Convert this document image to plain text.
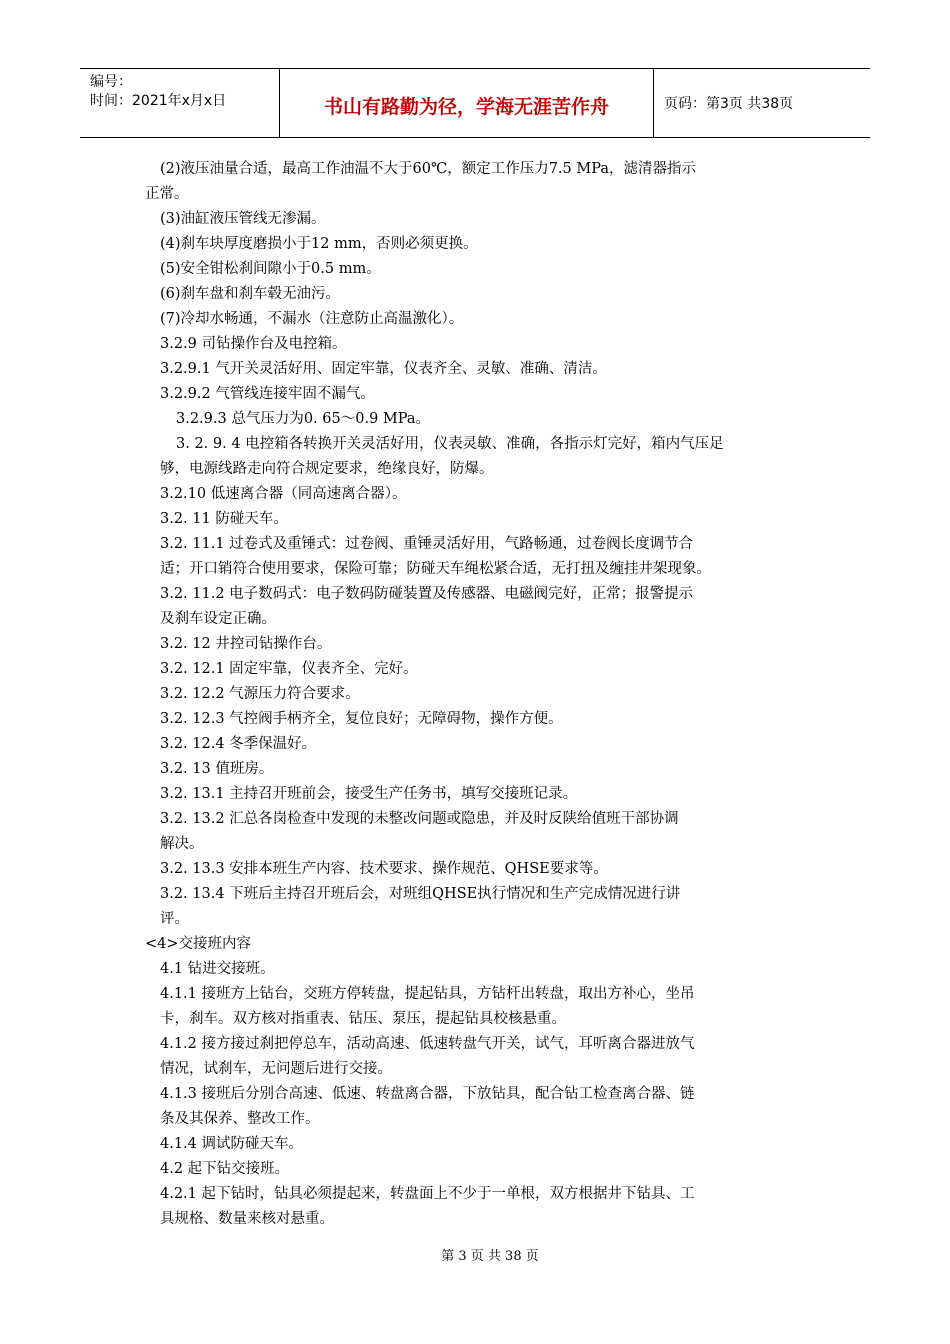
编号：
时间：2021年x月x日	书山有路勤为径，学海无涯苦作舟	页码：第3页 共38页
(2)液压油量合适，最高工作油温不大于60℃，额定工作压力7.5 MPa，滤清器指示
正常。
(3)油缸液压管线无渗漏。
(4)刹车块厚度磨损小于12 mm，否则必须更换。
(5)安全钳松刹间隙小于0.5 mm。
(6)刹车盘和刹车毂无油污。
(7)冷却水畅通，不漏水（注意防止高温激化）。
3.2.9 司钻操作台及电控箱。
3.2.9.1 气开关灵活好用、固定牢靠，仪表齐全、灵敏、准确、清洁。
3.2.9.2 气管线连接牢固不漏气。
3.2.9.3 总气压力为0. 65～0.9 MPa。
3. 2. 9. 4 电控箱各转换开关灵活好用，仪表灵敏、准确，各指示灯完好，箱内气压足
够，电源线路走向符合规定要求，绝缘良好，防爆。
3.2.10 低速离合器（同高速离合器）。
3.2. 11 防碰天车。
3.2. 11.1 过卷式及重锤式：过卷阀、重锤灵活好用，气路畅通，过卷阀长度调节合
适；开口销符合使用要求，保险可靠；防碰天车绳松紧合适，无打扭及缠挂井架现象。
3.2. 11.2 电子数码式：电子数码防碰装置及传感器、电磁阀完好，正常；报警提示
及刹车设定正确。
3.2. 12 井控司钻操作台。
3.2. 12.1 固定牢靠，仪表齐全、完好。
3.2. 12.2 气源压力符合要求。
3.2. 12.3 气控阀手柄齐全，复位良好；无障碍物，操作方便。
3.2. 12.4 冬季保温好。
3.2. 13 值班房。
3.2. 13.1 主持召开班前会，接受生产任务书，填写交接班记录。
3.2. 13.2 汇总各岗检查中发现的未整改问题或隐患，并及时反陕给值班干部协调
解决。
3.2. 13.3 安排本班生产内容、技术要求、操作规范、QHSE要求等。
3.2. 13.4 下班后主持召开班后会，对班组QHSE执行情况和生产完成情况进行讲
评。
<4>交接班内容
4.1 钻进交接班。
4.1.1 接班方上钻台，交班方停转盘，提起钻具，方钻杆出转盘，取出方补心，坐吊
卡，刹车。双方核对指重表、钻压、泵压，提起钻具校核悬重。
4.1.2 接方接过刹把停总车，活动高速、低速转盘气开关，试气，耳听离合器进放气
情况，试刹车，无问题后进行交接。
4.1.3 接班后分别合高速、低速、转盘离合器，下放钻具，配合钻工检查离合器、链
条及其保养、整改工作。
4.1.4 调试防碰天车。
4.2 起下钻交接班。
4.2.1 起下钻时，钻具必须提起来，转盘面上不少于一单根，双方根据井下钻具、工
具规格、数量来核对悬重。
第 3 页 共 38 页
